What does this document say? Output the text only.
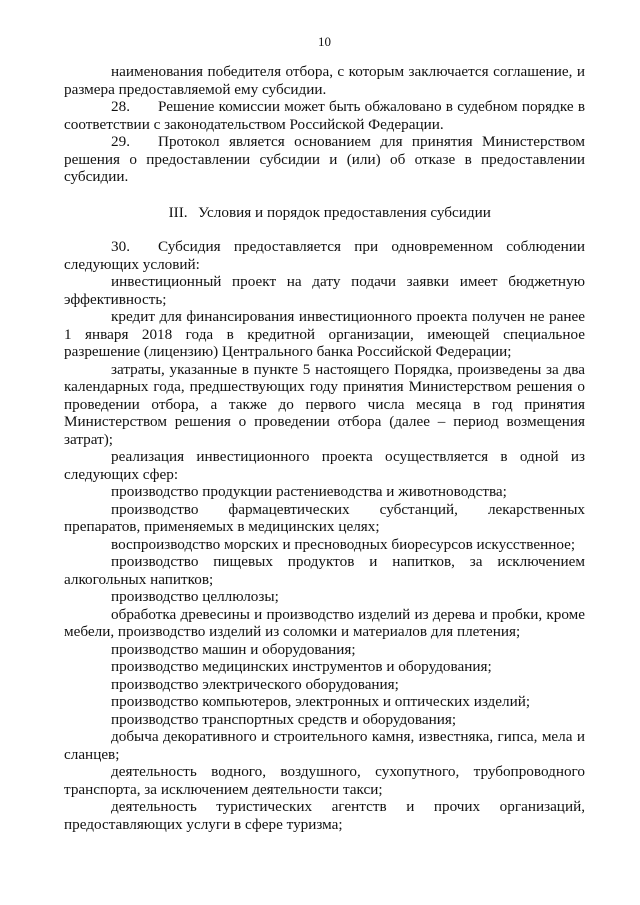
10

наименования победителя отбора, с которым заключается соглашение, и размера предоставляемой ему субсидии.

28. Решение комиссии может быть обжаловано в судебном порядке в соответствии с законодательством Российской Федерации.

29. Протокол является основанием для принятия Министерством решения о предоставлении субсидии и (или) об отказе в предоставлении субсидии.

III. Условия и порядок предоставления субсидии

30. Субсидия предоставляется при одновременном соблюдении следующих условий:

инвестиционный проект на дату подачи заявки имеет бюджетную эффективность;

кредит для финансирования инвестиционного проекта получен не ранее 1 января 2018 года в кредитной организации, имеющей специальное разрешение (лицензию) Центрального банка Российской Федерации;

затраты, указанные в пункте 5 настоящего Порядка, произведены за два календарных года, предшествующих году принятия Министерством решения о проведении отбора, а также до первого числа месяца в год принятия Министерством решения о проведении отбора (далее – период возмещения затрат);

реализация инвестиционного проекта осуществляется в одной из следующих сфер:

производство продукции растениеводства и животноводства;

производство фармацевтических субстанций, лекарственных препаратов, применяемых в медицинских целях;

воспроизводство морских и пресноводных биоресурсов искусственное;

производство пищевых продуктов и напитков, за исключением алкогольных напитков;

производство целлюлозы;

обработка древесины и производство изделий из дерева и пробки, кроме мебели, производство изделий из соломки и материалов для плетения;

производство машин и оборудования;

производство медицинских инструментов и оборудования;

производство электрического оборудования;

производство компьютеров, электронных и оптических изделий;

производство транспортных средств и оборудования;

добыча декоративного и строительного камня, известняка, гипса, мела и сланцев;

деятельность водного, воздушного, сухопутного, трубопроводного транспорта, за исключением деятельности такси;

деятельность туристических агентств и прочих организаций, предоставляющих услуги в сфере туризма;
